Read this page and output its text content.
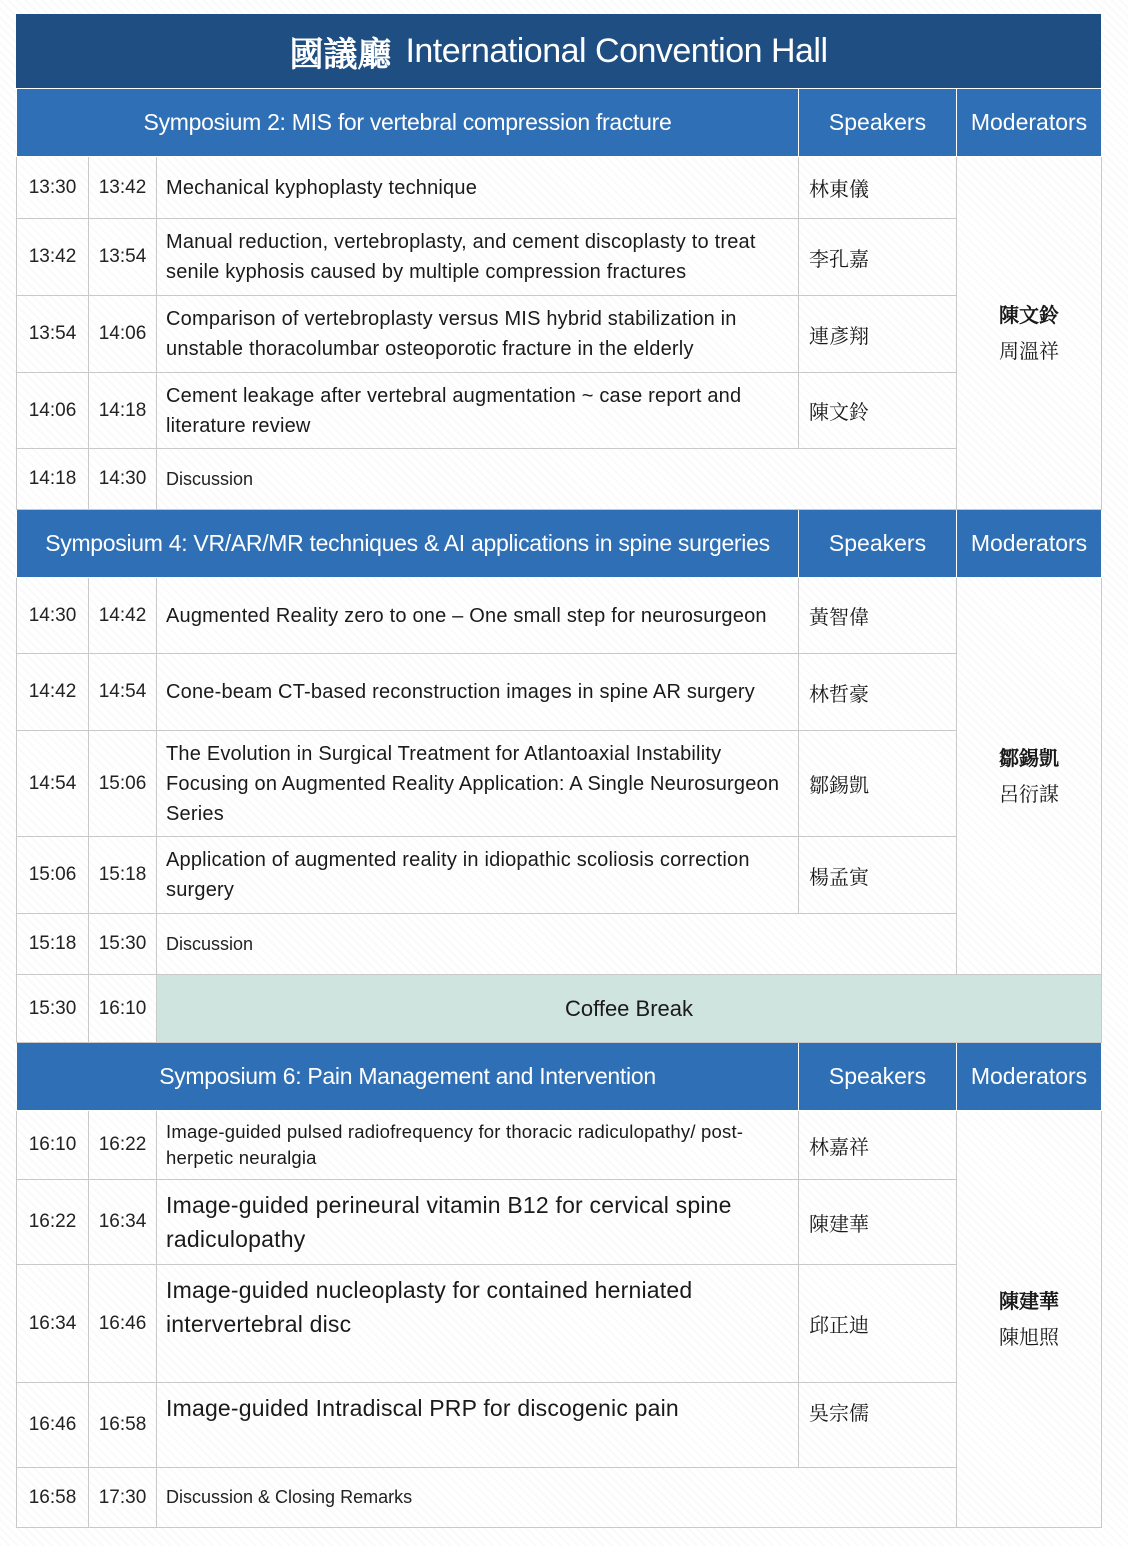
國議廳 International Convention Hall
Symposium 2: MIS for vertebral compression fracture			Speakers	Moderators
13:30	13:42	Mechanical kyphoplasty technique	林東儀	陳文鈴
周溫祥

13:42	13:54	Manual reduction, vertebroplasty, and cement discoplasty to treat senile kyphosis caused by multiple compression fractures	李孔嘉	
13:54	14:06	Comparison of vertebroplasty versus MIS hybrid stabilization in unstable thoracolumbar osteoporotic fracture in the elderly	連彥翔	
14:06	14:18	Cement leakage after vertebral augmentation ~ case report and literature review	陳文鈴	
14:18	14:30	Discussion		
Symposium 4: VR/AR/MR techniques & AI applications in spine surgeries			Speakers	Moderators
14:30	14:42	Augmented Reality zero to one – One small step for neurosurgeon	黃智偉	鄒錫凱
呂衍謀

14:42	14:54	Cone-beam CT-based reconstruction images in spine AR surgery	林哲豪	
14:54	15:06	The Evolution in Surgical Treatment for Atlantoaxial Instability Focusing on Augmented Reality Application: A Single Neurosurgeon Series	鄒錫凱	
15:06	15:18	Application of augmented reality in idiopathic scoliosis correction surgery	楊孟寅	
15:18	15:30	Discussion		
15:30	16:10	Coffee Break		
Symposium 6: Pain Management and Intervention			Speakers	Moderators
16:10	16:22	Image-guided pulsed radiofrequency for thoracic radiculopathy/ post-herpetic neuralgia	林嘉祥	陳建華
陳旭照

16:22	16:34	Image-guided perineural vitamin B12 for cervical spine radiculopathy	陳建華	
16:34	16:46	Image-guided nucleoplasty for contained herniated intervertebral disc	邱正迪	
16:46	16:58	Image-guided Intradiscal PRP for discogenic pain	吳宗儒	
16:58	17:30	Discussion & Closing Remarks		
